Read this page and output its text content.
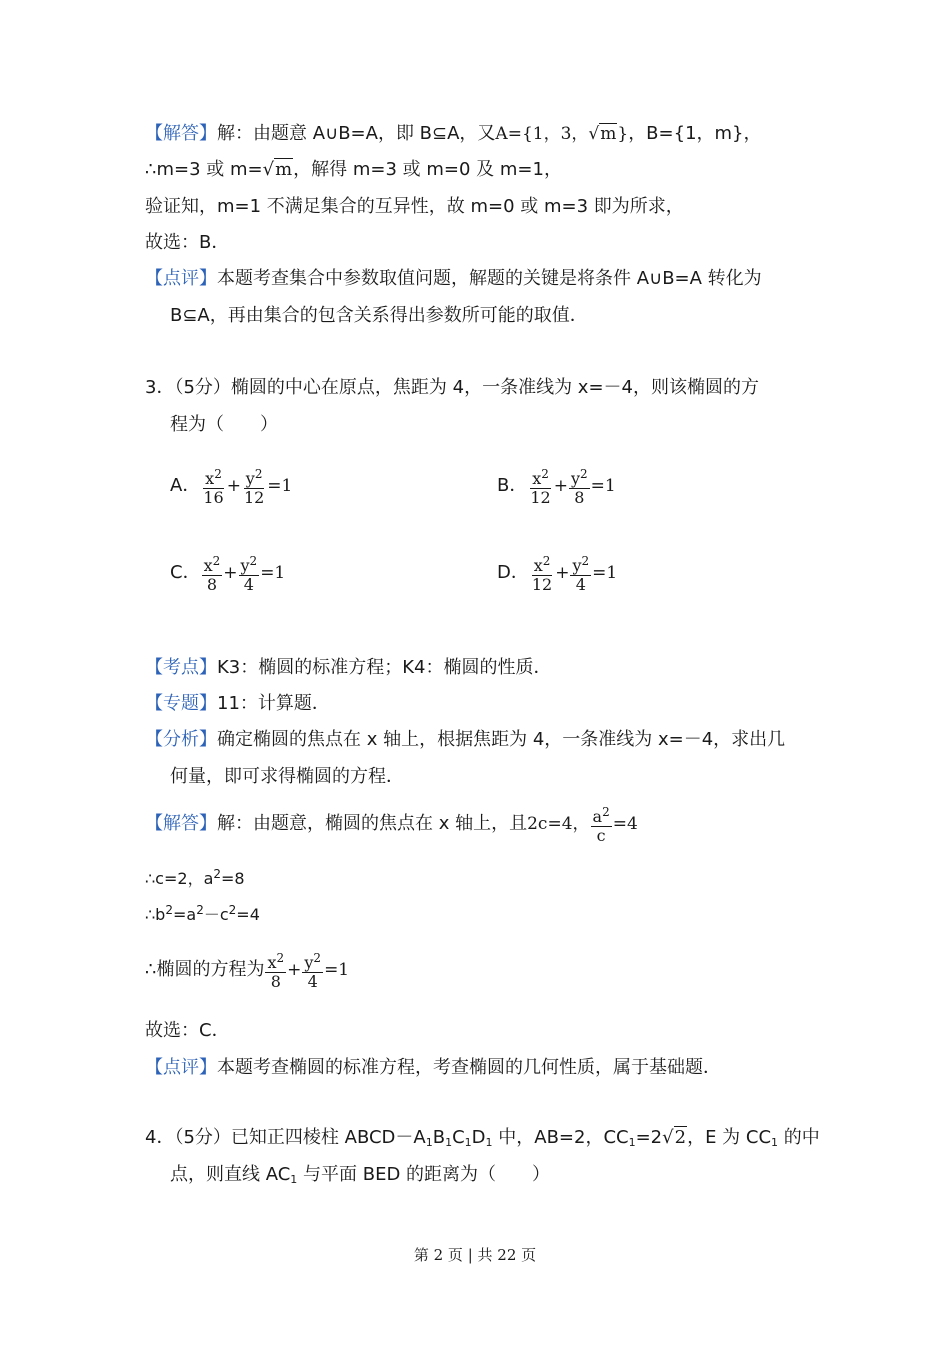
【解答】解：由题意 A∪B=A，即 B⊆A，又A={1，3，√m}，B={1，m}，
∴m=3 或 m=√m，解得 m=3 或 m=0 及 m=1，
验证知，m=1 不满足集合的互异性，故 m=0 或 m=3 即为所求，
故选：B．
【点评】本题考查集合中参数取值问题，解题的关键是将条件 A∪B=A 转化为
B⊆A，再由集合的包含关系得出参数所可能的取值．
3．（5分）椭圆的中心在原点，焦距为 4，一条准线为 x=－4，则该椭圆的方
程为（　　）
A． $\frac{x^2}{16} + \frac{y^2}{12} =1$	B． $\frac{x^2}{12} + \frac{y^2}{8} =1$
C． $\frac{x^2}{8} + \frac{y^2}{4} =1$	D． $\frac{x^2}{12} + \frac{y^2}{4} =1$
【考点】K3：椭圆的标准方程；K4：椭圆的性质．
【专题】11：计算题．
【分析】确定椭圆的焦点在 x 轴上，根据焦距为 4，一条准线为 x=－4，求出几
何量，即可求得椭圆的方程．
【解答】解：由题意，椭圆的焦点在 x 轴上，且2c=4， $\frac{a^2}{c} =4$
∴c=2，$a^2=8$
$\therefore b^2=a^2-c^2=4$
∴椭圆的方程为 $\frac{x^2}{8} + \frac{y^2}{4} =1$
故选：C．
【点评】本题考查椭圆的标准方程，考查椭圆的几何性质，属于基础题．
4．（5分）已知正四棱柱 $ABCD-A_1B_1C_1D_1$ 中，AB=2，$CC_1=2√2$，E 为 $CC_1$ 的中
点，则直线 $AC_1$ 与平面 BED 的距离为（　　）
第 2 页 | 共 22 页
